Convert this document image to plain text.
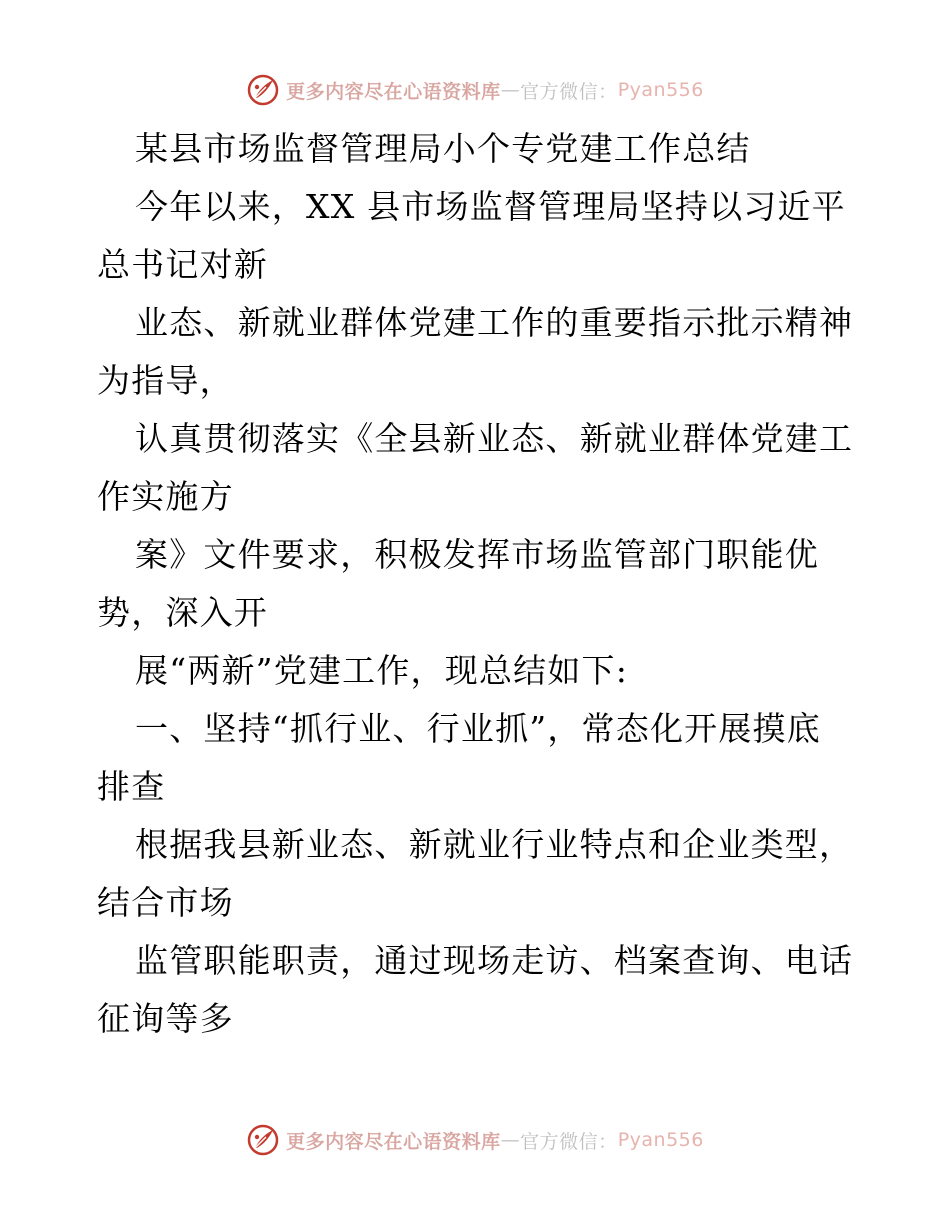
更多内容尽在心语资料库 — 官方微信： Pyan556
某县市场监督管理局小个专党建工作总结
今年以来，XX 县市场监督管理局坚持以习近平
总书记对新
业态、新就业群体党建工作的重要指示批示精神
为指导，
认真贯彻落实《全县新业态、新就业群体党建工
作实施方
案》文件要求，积极发挥市场监管部门职能优
势，深入开
展“两新”党建工作，现总结如下:
一、坚持“抓行业、行业抓”，常态化开展摸底
排查
根据我县新业态、新就业行业特点和企业类型，
结合市场
监管职能职责，通过现场走访、档案查询、电话
征询等多
更多内容尽在心语资料库 — 官方微信： Pyan556
